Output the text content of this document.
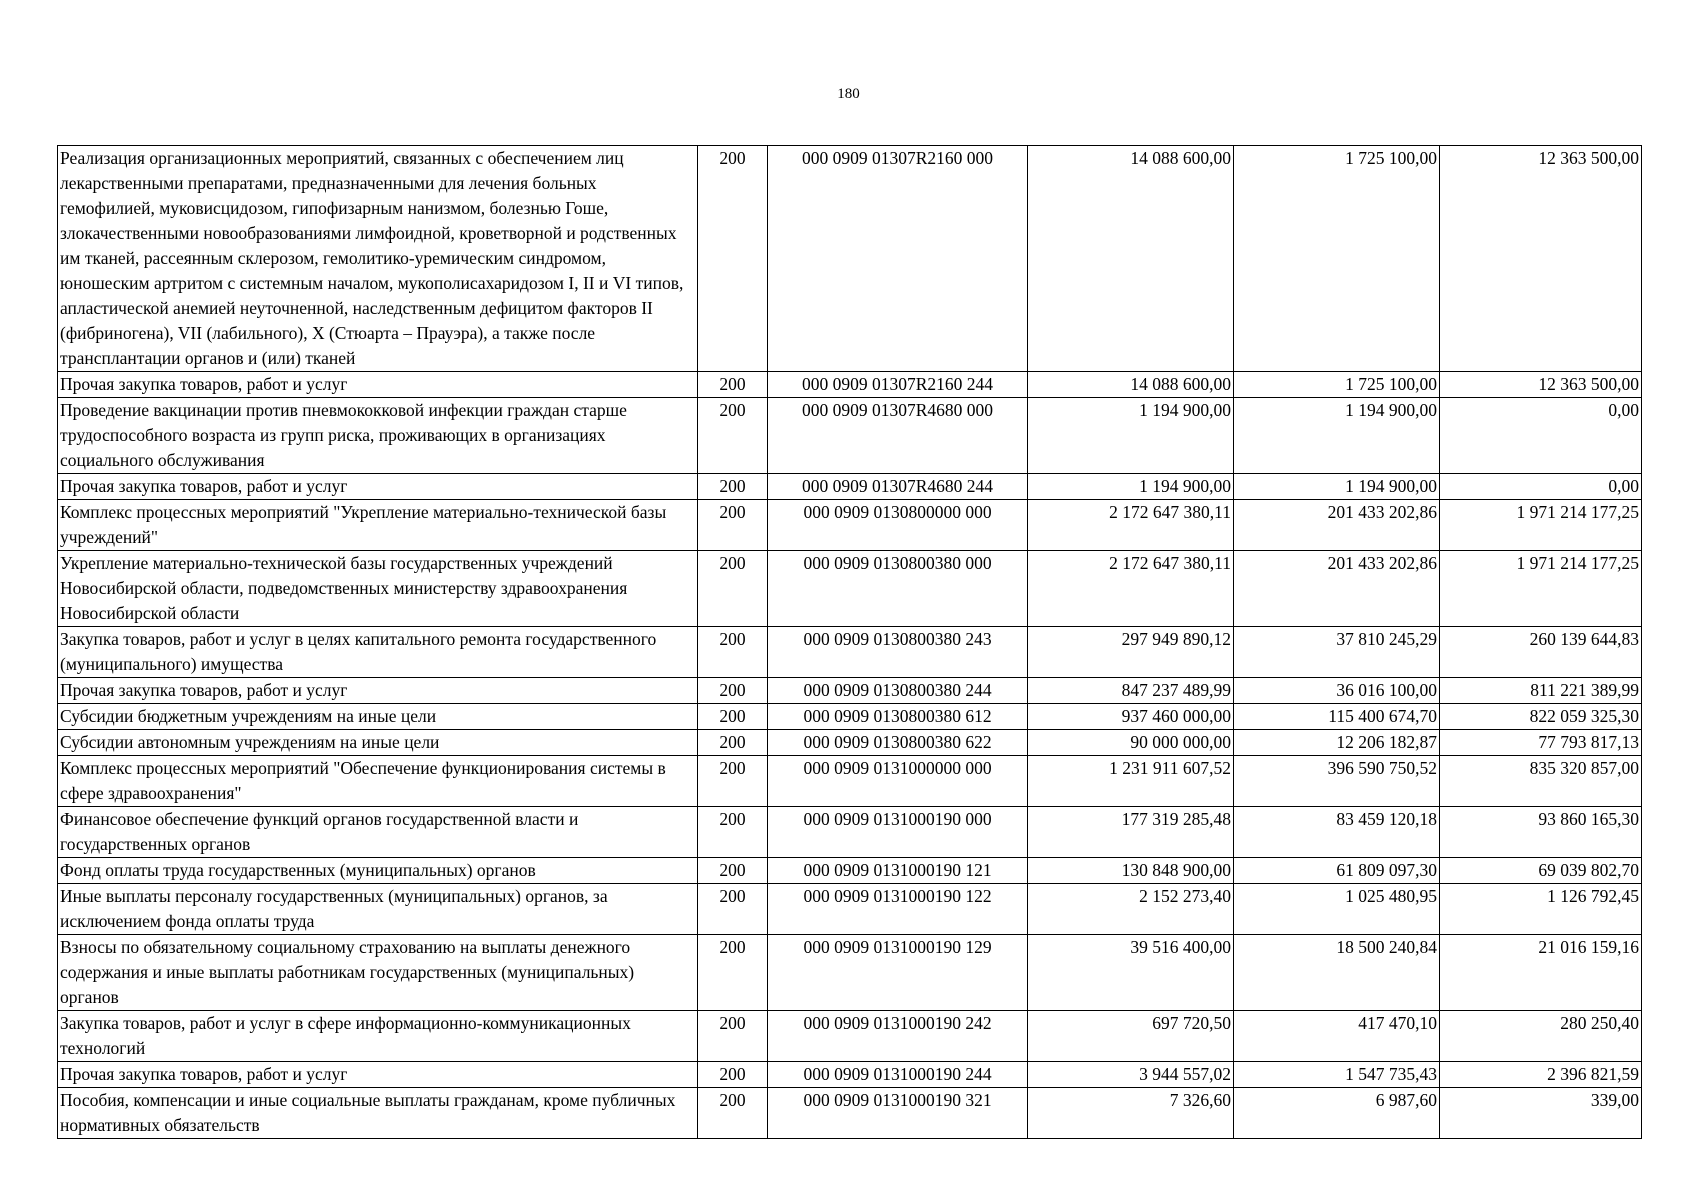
180
Реализация организационных мероприятий, связанных с обеспечением лиц лекарственными препаратами, предназначенными для лечения больных гемофилией, муковисцидозом, гипофизарным нанизмом, болезнью Гоше, злокачественными новообразованиями лимфоидной, кроветворной и родственных им тканей, рассеянным склерозом, гемолитико-уремическим синдромом, юношеским артритом с системным началом, мукополисахаридозом I, II и VI типов, апластической анемией неуточненной, наследственным дефицитом факторов II (фибриногена), VII (лабильного), X (Стюарта – Прауэра), а также после трансплантации органов и (или) тканей	200	000 0909 01307R2160 000	14 088 600,00	1 725 100,00	12 363 500,00
Прочая закупка товаров, работ и услуг	200	000 0909 01307R2160 244	14 088 600,00	1 725 100,00	12 363 500,00
Проведение вакцинации против пневмококковой инфекции граждан старше трудоспособного возраста из групп риска, проживающих в организациях социального обслуживания	200	000 0909 01307R4680 000	1 194 900,00	1 194 900,00	0,00
Прочая закупка товаров, работ и услуг	200	000 0909 01307R4680 244	1 194 900,00	1 194 900,00	0,00
Комплекс процессных мероприятий "Укрепление материально-технической базы учреждений"	200	000 0909 0130800000 000	2 172 647 380,11	201 433 202,86	1 971 214 177,25
Укрепление материально-технической базы государственных учреждений Новосибирской области, подведомственных министерству здравоохранения Новосибирской области	200	000 0909 0130800380 000	2 172 647 380,11	201 433 202,86	1 971 214 177,25
Закупка товаров, работ и услуг в целях капитального ремонта государственного (муниципального) имущества	200	000 0909 0130800380 243	297 949 890,12	37 810 245,29	260 139 644,83
Прочая закупка товаров, работ и услуг	200	000 0909 0130800380 244	847 237 489,99	36 016 100,00	811 221 389,99
Субсидии бюджетным учреждениям на иные цели	200	000 0909 0130800380 612	937 460 000,00	115 400 674,70	822 059 325,30
Субсидии автономным учреждениям на иные цели	200	000 0909 0130800380 622	90 000 000,00	12 206 182,87	77 793 817,13
Комплекс процессных мероприятий "Обеспечение функционирования системы в сфере здравоохранения"	200	000 0909 0131000000 000	1 231 911 607,52	396 590 750,52	835 320 857,00
Финансовое обеспечение функций органов государственной власти и государственных органов	200	000 0909 0131000190 000	177 319 285,48	83 459 120,18	93 860 165,30
Фонд оплаты труда государственных (муниципальных) органов	200	000 0909 0131000190 121	130 848 900,00	61 809 097,30	69 039 802,70
Иные выплаты персоналу государственных (муниципальных) органов, за исключением фонда оплаты труда	200	000 0909 0131000190 122	2 152 273,40	1 025 480,95	1 126 792,45
Взносы по обязательному социальному страхованию на выплаты денежного содержания и иные выплаты работникам государственных (муниципальных) органов	200	000 0909 0131000190 129	39 516 400,00	18 500 240,84	21 016 159,16
Закупка товаров, работ и услуг в сфере информационно-коммуникационных технологий	200	000 0909 0131000190 242	697 720,50	417 470,10	280 250,40
Прочая закупка товаров, работ и услуг	200	000 0909 0131000190 244	3 944 557,02	1 547 735,43	2 396 821,59
Пособия, компенсации и иные социальные выплаты гражданам, кроме публичных нормативных обязательств	200	000 0909 0131000190 321	7 326,60	6 987,60	339,00
